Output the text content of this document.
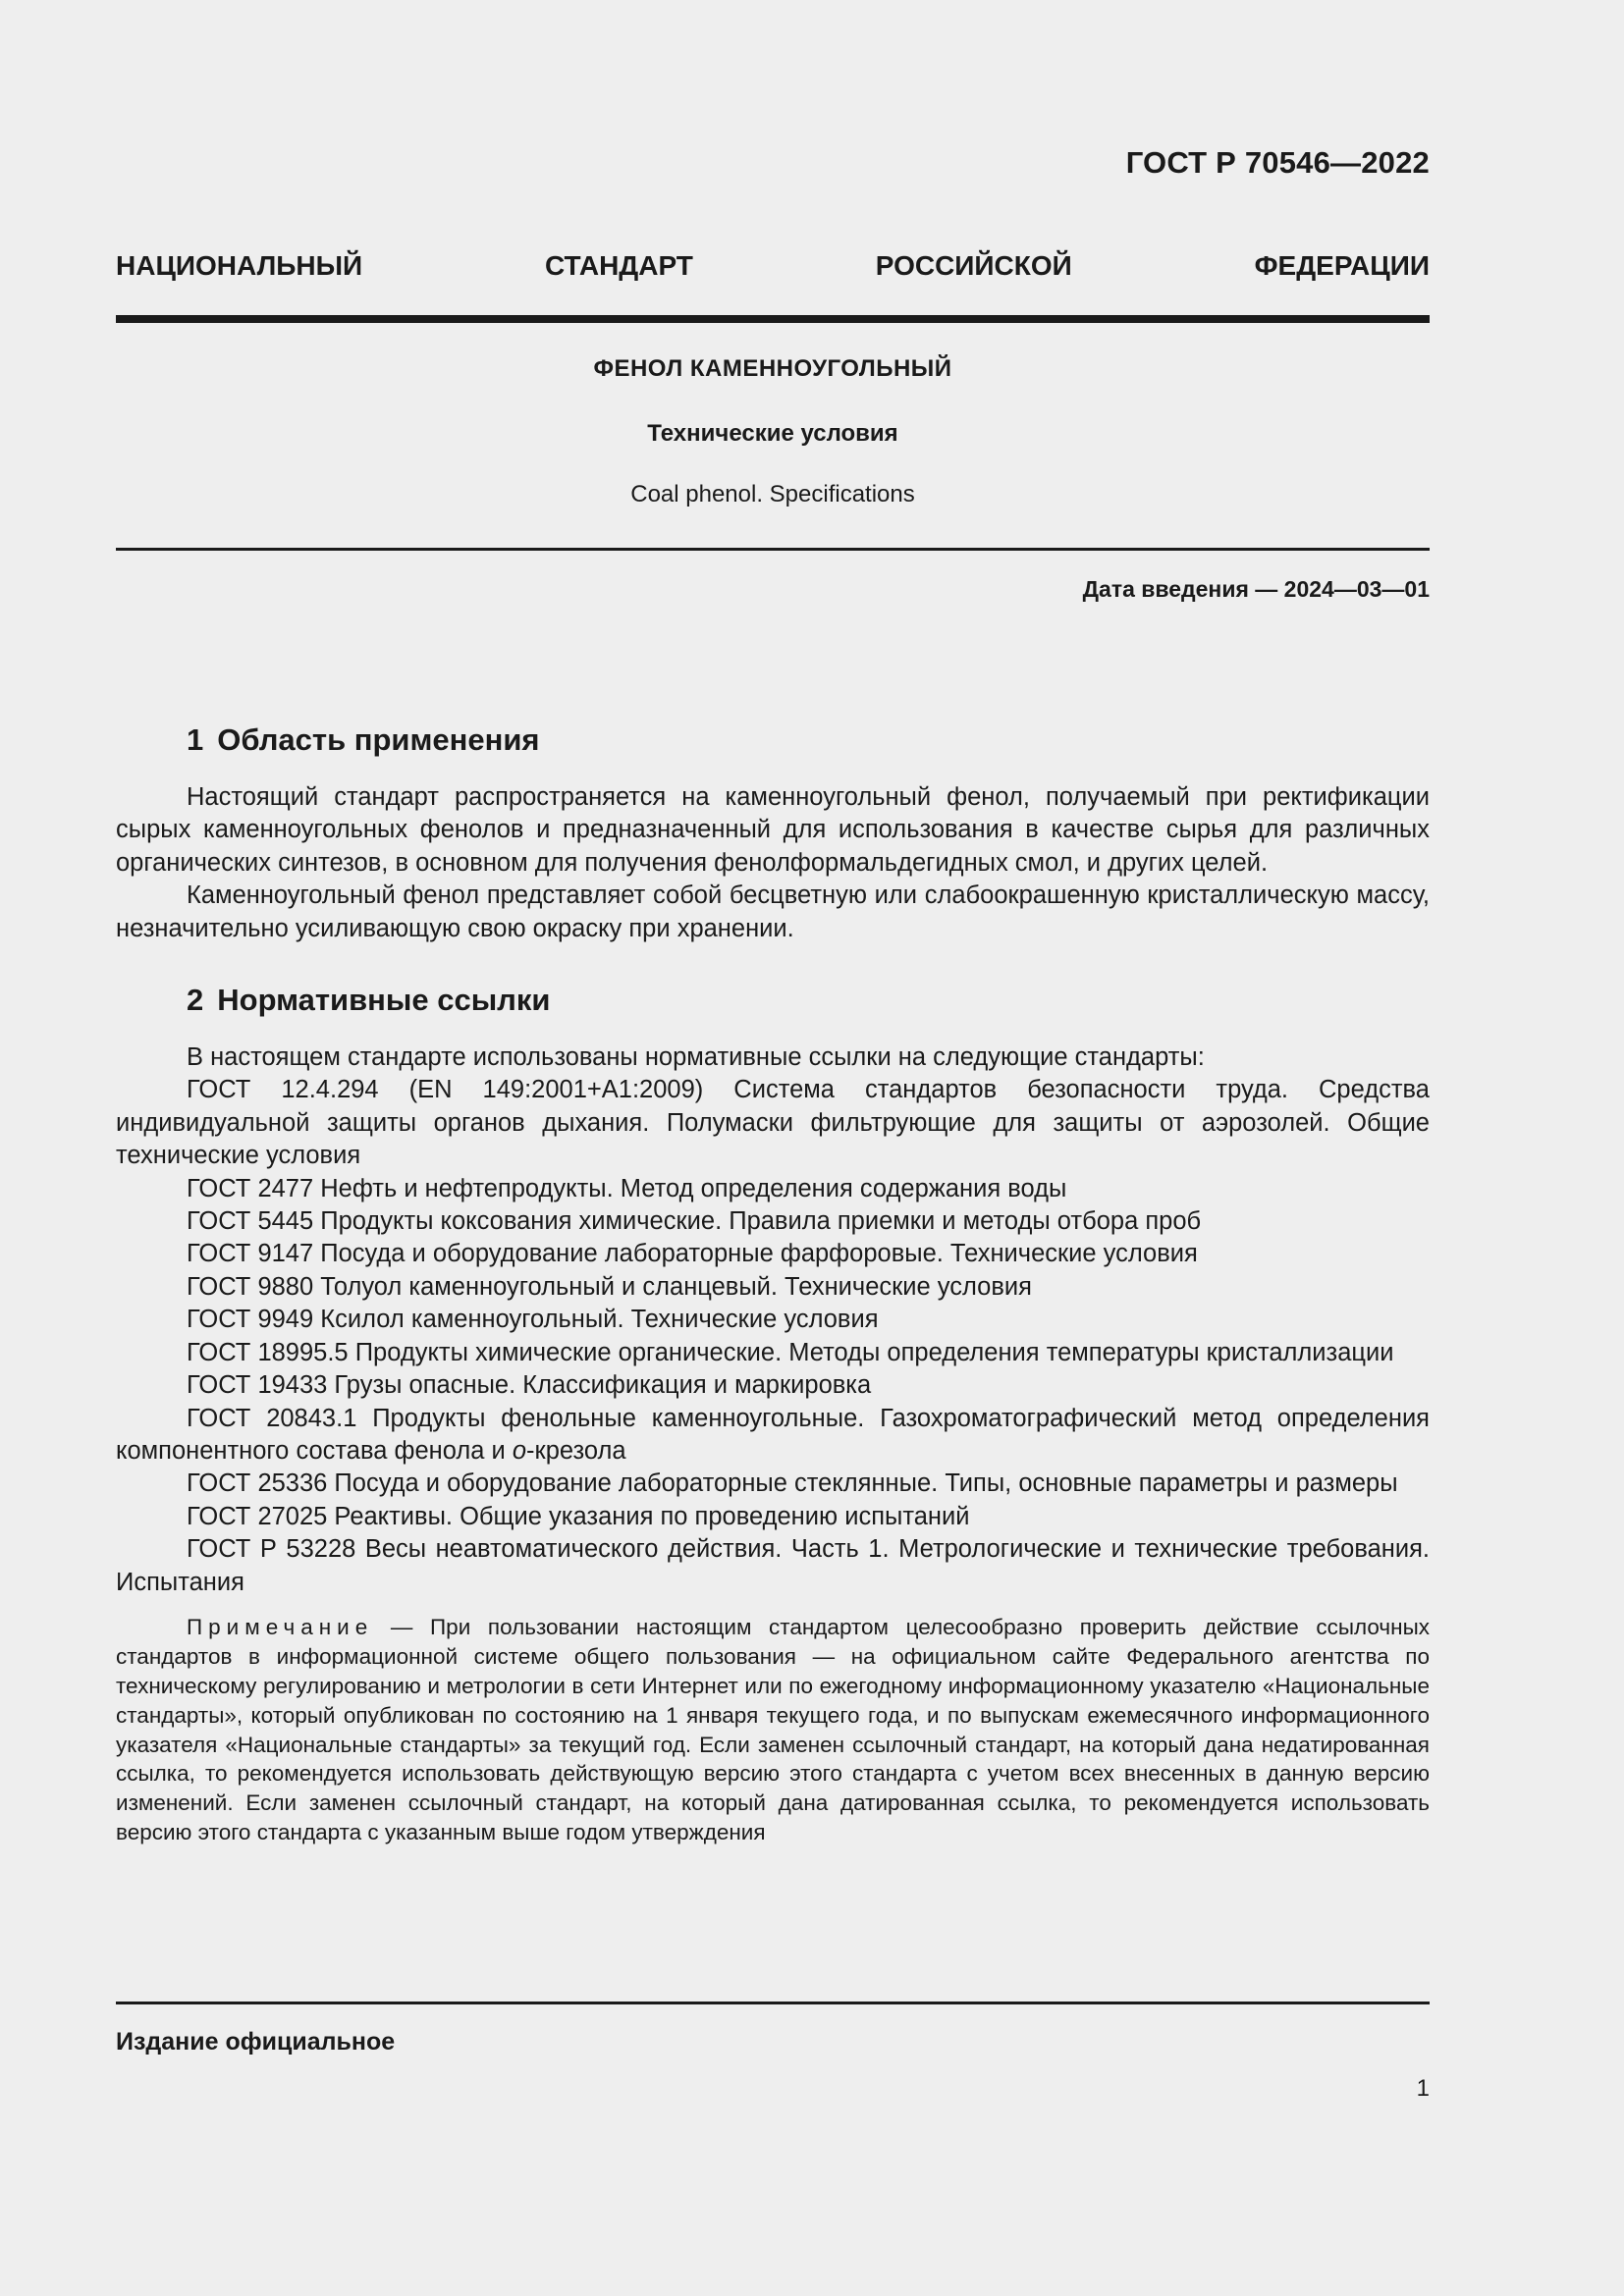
ГОСТ Р 70546—2022
НАЦИОНАЛЬНЫЙ	СТАНДАРТ	РОССИЙСКОЙ	ФЕДЕРАЦИИ
ФЕНОЛ КАМЕННОУГОЛЬНЫЙ
Технические условия
Coal phenol. Specifications
Дата введения — 2024—03—01
1 Область применения

Настоящий стандарт распространяется на каменноугольный фенол, получаемый при ректификации сырых каменноугольных фенолов и предназначенный для использования в качестве сырья для различных органических синтезов, в основном для получения фенолформальдегидных смол, и других целей.

Каменноугольный фенол представляет собой бесцветную или слабоокрашенную кристаллическую массу, незначительно усиливающую свою окраску при хранении.

2 Нормативные ссылки

В настоящем стандарте использованы нормативные ссылки на следующие стандарты:

ГОСТ 12.4.294 (EN 149:2001+A1:2009) Система стандартов безопасности труда. Средства индивидуальной защиты органов дыхания. Полумаски фильтрующие для защиты от аэрозолей. Общие технические условия

ГОСТ 2477 Нефть и нефтепродукты. Метод определения содержания воды

ГОСТ 5445 Продукты коксования химические. Правила приемки и методы отбора проб

ГОСТ 9147 Посуда и оборудование лабораторные фарфоровые. Технические условия

ГОСТ 9880 Толуол каменноугольный и сланцевый. Технические условия

ГОСТ 9949 Ксилол каменноугольный. Технические условия

ГОСТ 18995.5 Продукты химические органические. Методы определения температуры кристаллизации

ГОСТ 19433 Грузы опасные. Классификация и маркировка

ГОСТ 20843.1 Продукты фенольные каменноугольные. Газохроматографический метод определения компонентного состава фенола и о-крезола

ГОСТ 25336 Посуда и оборудование лабораторные стеклянные. Типы, основные параметры и размеры

ГОСТ 27025 Реактивы. Общие указания по проведению испытаний

ГОСТ Р 53228 Весы неавтоматического действия. Часть 1. Метрологические и технические требования. Испытания

Примечание — При пользовании настоящим стандартом целесообразно проверить действие ссылочных стандартов в информационной системе общего пользования — на официальном сайте Федерального агентства по техническому регулированию и метрологии в сети Интернет или по ежегодному информационному указателю «Национальные стандарты», который опубликован по состоянию на 1 января текущего года, и по выпускам ежемесячного информационного указателя «Национальные стандарты» за текущий год. Если заменен ссылочный стандарт, на который дана недатированная ссылка, то рекомендуется использовать действующую версию этого стандарта с учетом всех внесенных в данную версию изменений. Если заменен ссылочный стандарт, на который дана датированная ссылка, то рекомендуется использовать версию этого стандарта с указанным выше годом утверждения

Издание официальное
1
